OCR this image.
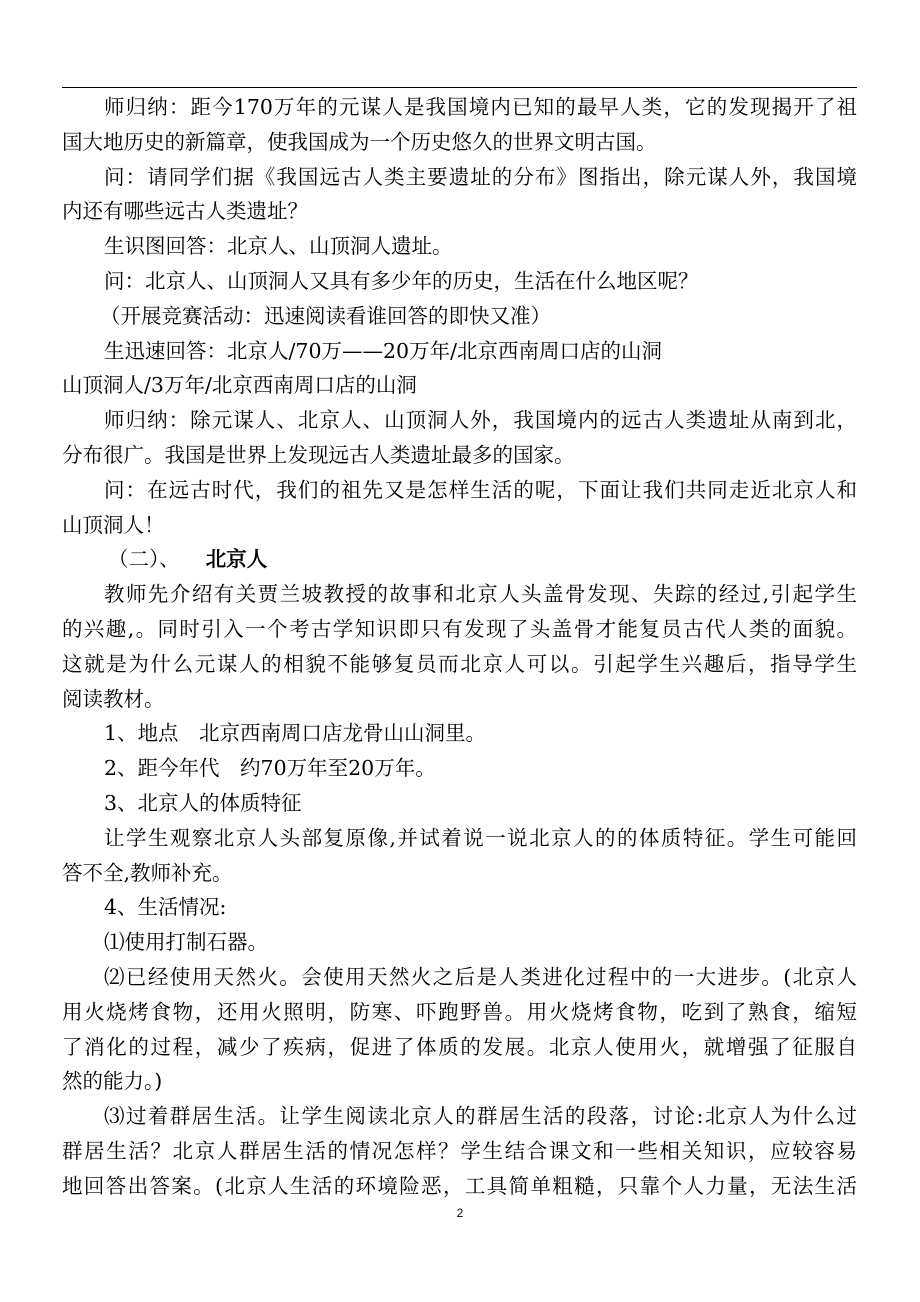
师归纳：距今170万年的元谋人是我国境内已知的最早人类，它的发现揭开了祖
国大地历史的新篇章，使我国成为一个历史悠久的世界文明古国。
问：请同学们据《我国远古人类主要遗址的分布》图指出，除元谋人外，我国境
内还有哪些远古人类遗址？
生识图回答：北京人、山顶洞人遗址。
问：北京人、山顶洞人又具有多少年的历史，生活在什么地区呢？
（开展竞赛活动：迅速阅读看谁回答的即快又准）
生迅速回答：北京人/70万——20万年/北京西南周口店的山洞
山顶洞人/3万年/北京西南周口店的山洞
师归纳：除元谋人、北京人、山顶洞人外，我国境内的远古人类遗址从南到北，
分布很广。我国是世界上发现远古人类遗址最多的国家。
问：在远古时代，我们的祖先又是怎样生活的呢，下面让我们共同走近北京人和
山顶洞人！
（二）、 北京人
教师先介绍有关贾兰坡教授的故事和北京人头盖骨发现、失踪的经过,引起学生
的兴趣,。同时引入一个考古学知识即只有发现了头盖骨才能复员古代人类的面貌。
这就是为什么元谋人的相貌不能够复员而北京人可以。引起学生兴趣后，指导学生
阅读教材。
1、地点　北京西南周口店龙骨山山洞里。
2、距今年代　约70万年至20万年。
3、北京人的体质特征
让学生观察北京人头部复原像,并试着说一说北京人的的体质特征。学生可能回
答不全,教师补充。
4、生活情况:
⑴使用打制石器。
⑵已经使用天然火。会使用天然火之后是人类进化过程中的一大进步。(北京人
用火烧烤食物，还用火照明，防寒、吓跑野兽。用火烧烤食物，吃到了熟食，缩短
了消化的过程，减少了疾病，促进了体质的发展。北京人使用火，就增强了征服自
然的能力。)
⑶过着群居生活。让学生阅读北京人的群居生活的段落，讨论:北京人为什么过
群居生活？北京人群居生活的情况怎样？学生结合课文和一些相关知识，应较容易
地回答出答案。(北京人生活的环境险恶，工具简单粗糙，只靠个人力量，无法生活
2
